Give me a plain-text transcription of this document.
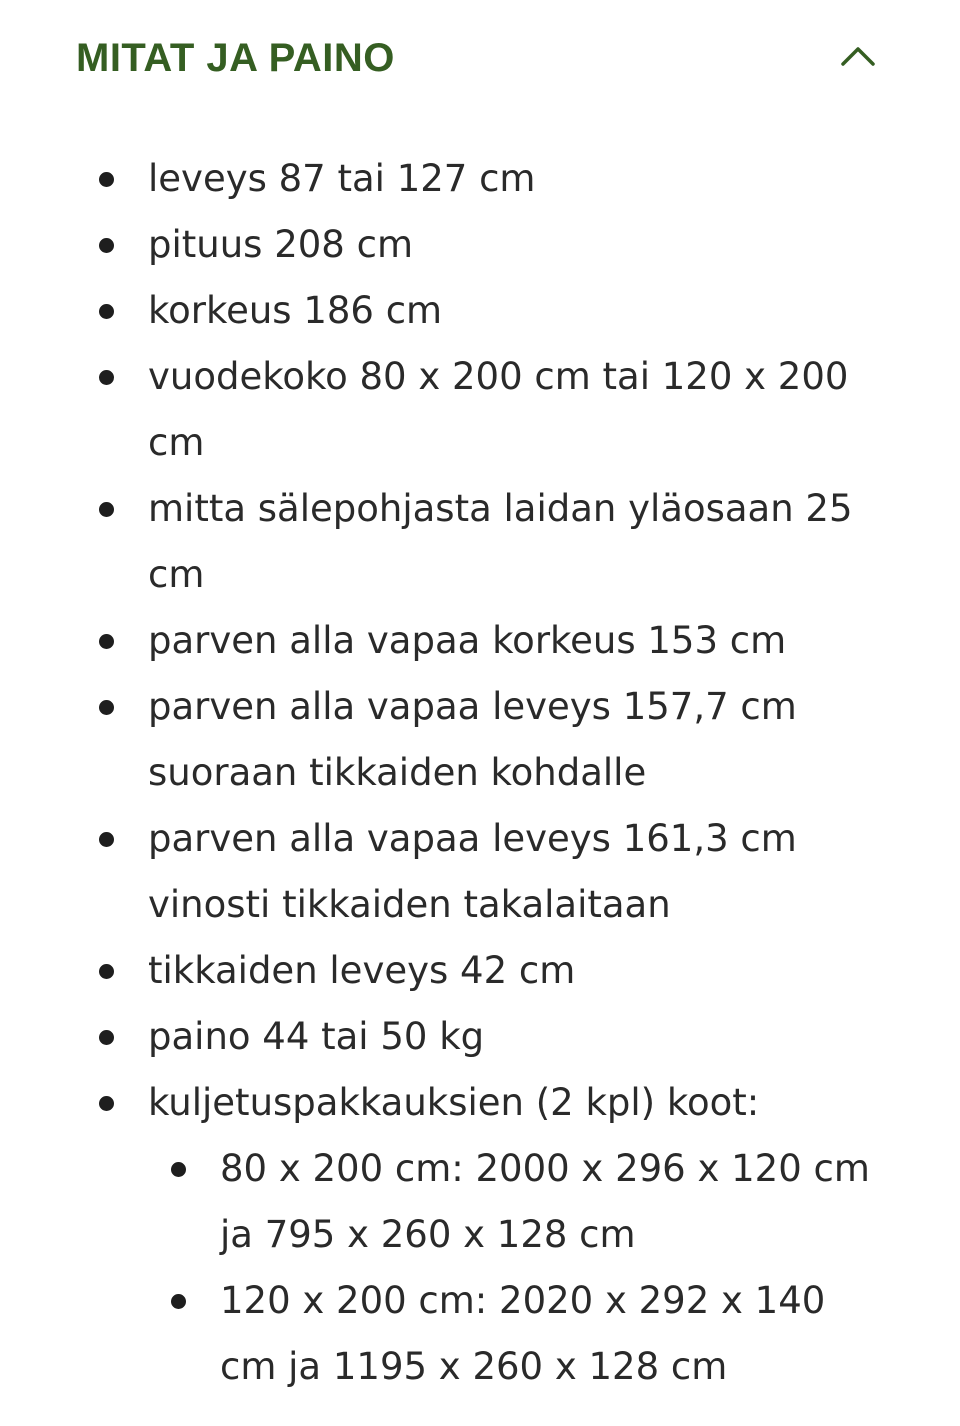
MITAT JA PAINO
leveys 87 tai 127 cm
pituus 208 cm
korkeus 186 cm
vuodekoko 80 x 200 cm tai 120 x 200 cm
mitta sälepohjasta laidan yläosaan 25 cm
parven alla vapaa korkeus 153 cm
parven alla vapaa leveys 157,7 cm suoraan tikkaiden kohdalle
parven alla vapaa leveys 161,3 cm vinosti tikkaiden takalaitaan
tikkaiden leveys 42 cm
paino 44 tai 50 kg
kuljetuspakkauksien (2 kpl) koot:
80 x 200 cm: 2000 x 296 x 120 cm ja 795 x 260 x 128 cm
120 x 200 cm: 2020 x 292 x 140 cm ja 1195 x 260 x 128 cm
